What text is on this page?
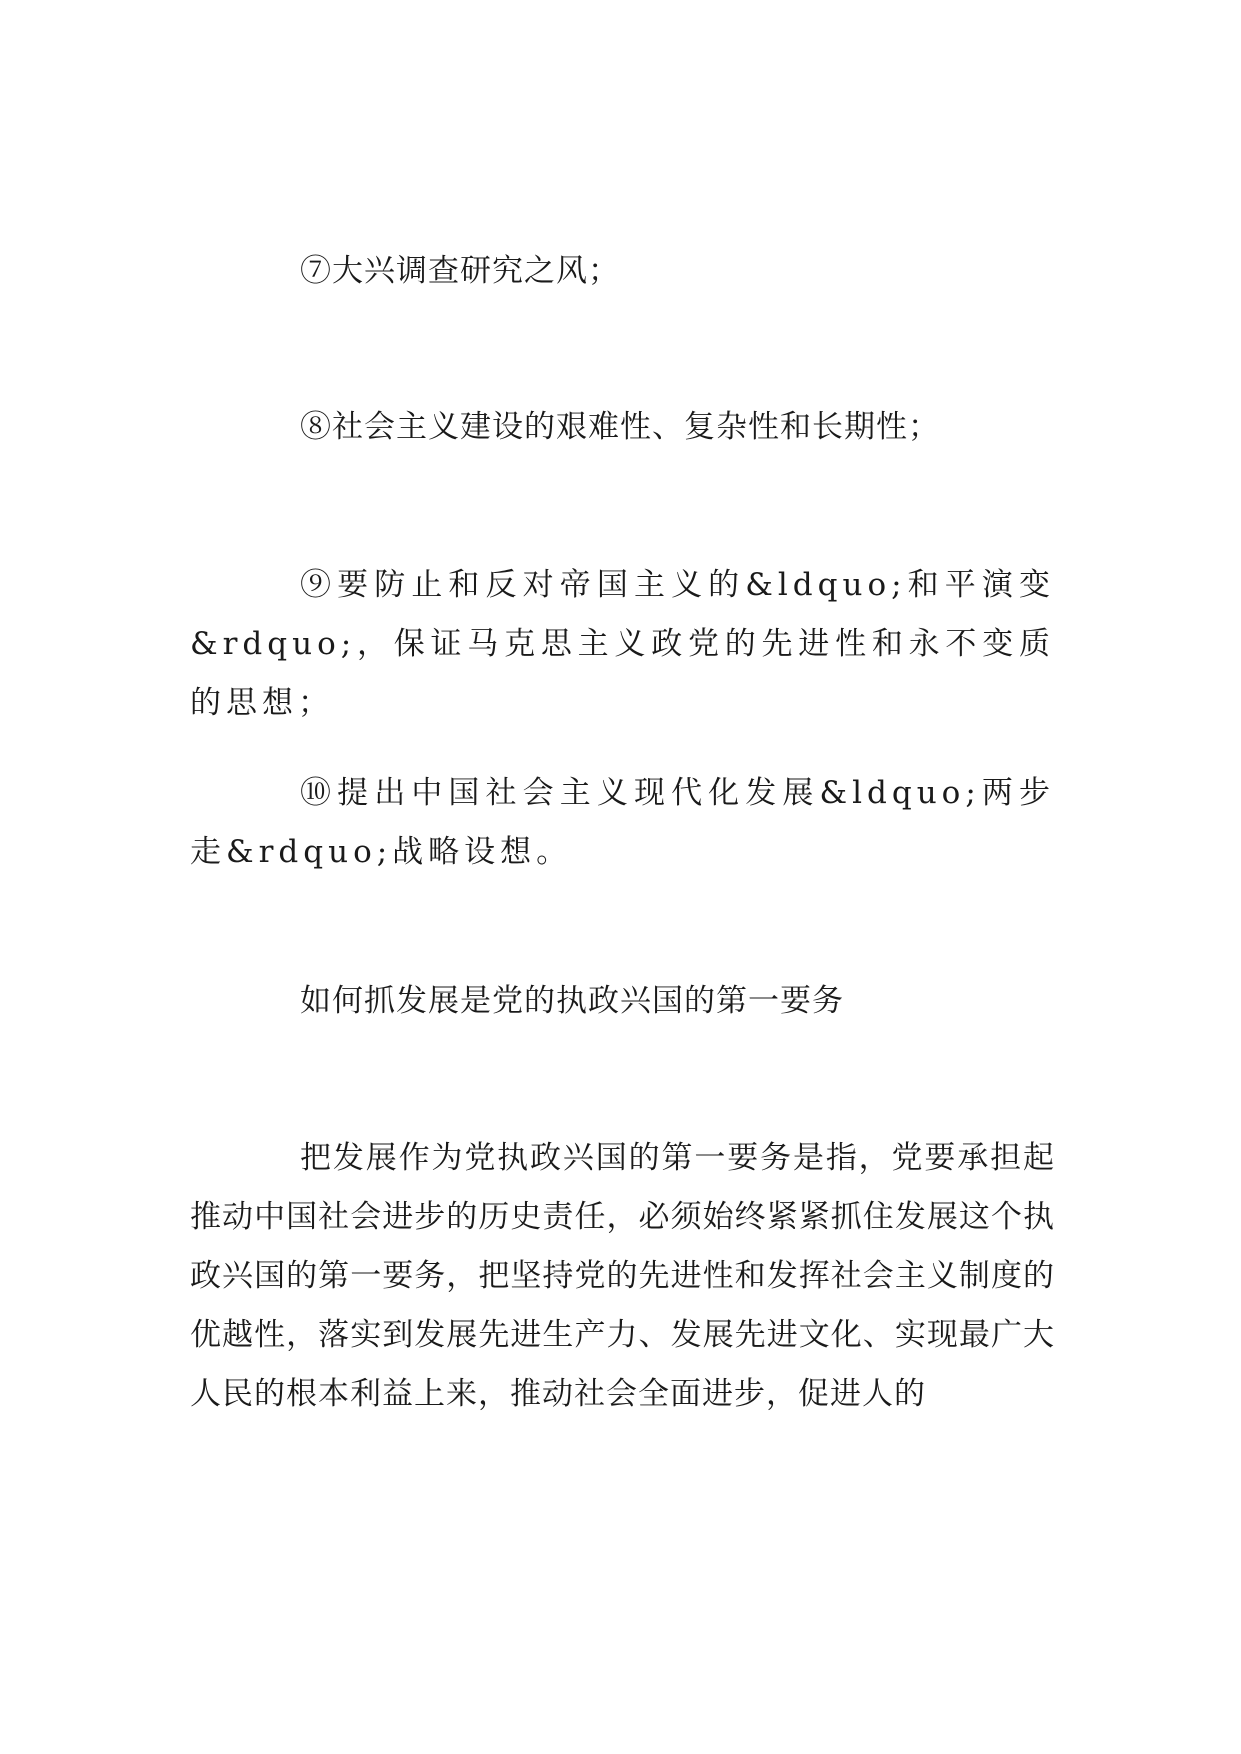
⑦大兴调查研究之风；

⑧社会主义建设的艰难性、复杂性和长期性；

⑨要防止和反对帝国主义的&ldquo;和平演变&rdquo;，保证马克思主义政党的先进性和永不变质的思想；

⑩提出中国社会主义现代化发展&ldquo;两步走&rdquo;战略设想。

如何抓发展是党的执政兴国的第一要务

把发展作为党执政兴国的第一要务是指，党要承担起推动中国社会进步的历史责任，必须始终紧紧抓住发展这个执政兴国的第一要务，把坚持党的先进性和发挥社会主义制度的优越性，落实到发展先进生产力、发展先进文化、实现最广大人民的根本利益上来，推动社会全面进步，促进人的
